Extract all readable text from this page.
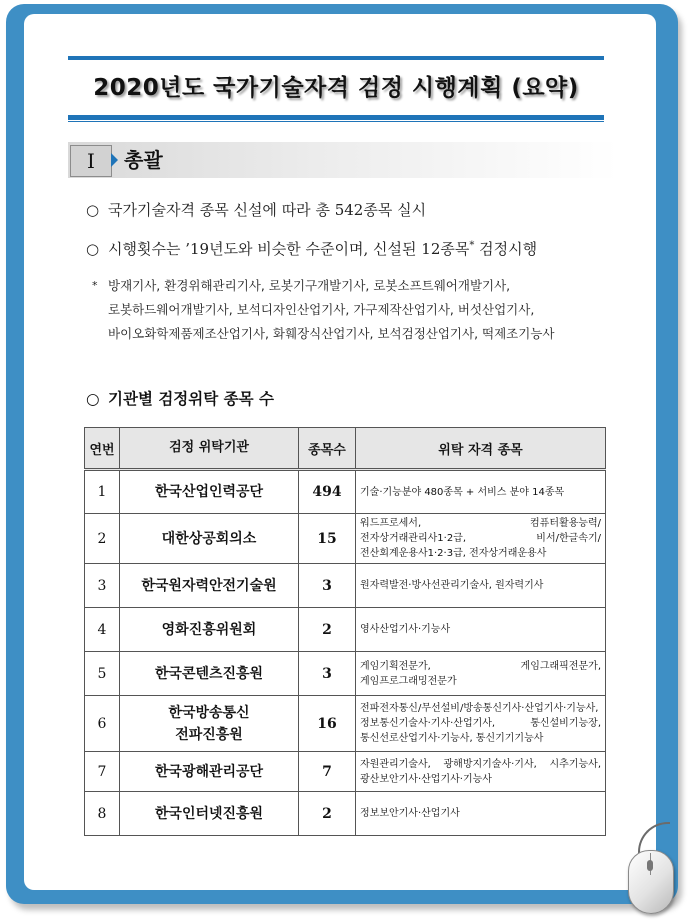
2020년도 국가기술자격 검정 시행계획 (요약)
Ⅰ	총괄
○ 국가기술자격 종목 신설에 따라 총 542종목 실시
○ 시행횟수는 ’19년도와 비슷한 수준이며, 신설된 12종목* 검정시행
* 방재기사, 환경위해관리기사, 로봇기구개발기사, 로봇소프트웨어개발기사, 로봇하드웨어개발기사, 보석디자인산업기사, 가구제작산업기사, 버섯산업기사, 바이오화학제품제조산업기사, 화훼장식산업기사, 보석검정산업기사, 떡제조기능사
○ 기관별 검정위탁 종목 수
연번	검정 위탁기관	종목수	위탁 자격 종목
1	한국산업인력공단	494	기술·기능분야 480종목 + 서비스 분야 14종목
2	대한상공회의소	15	워드프로세서, 컴퓨터활용능력/전자상거래관리사1·2급, 비서/한글속기/전산회계운용사1·2·3급, 전자상거래운용사
3	한국원자력안전기술원	3	원자력발전·방사선관리기술사, 원자력기사
4	영화진흥위원회	2	영사산업기사·기능사
5	한국콘텐츠진흥원	3	게임기획전문가, 게임그래픽전문가, 게임프로그래밍전문가
6	한국방송통신
전파진흥원	16	전파전자통신/무선설비/방송통신기사·산업기사·기능사, 정보통신기술사·기사·산업기사, 통신설비기능장, 통신선로산업기사·기능사, 통신기기기능사
7	한국광해관리공단	7	자원관리기술사, 광해방지기술사·기사, 시추기능사, 광산보안기사·산업기사·기능사
8	한국인터넷진흥원	2	정보보안기사·산업기사
